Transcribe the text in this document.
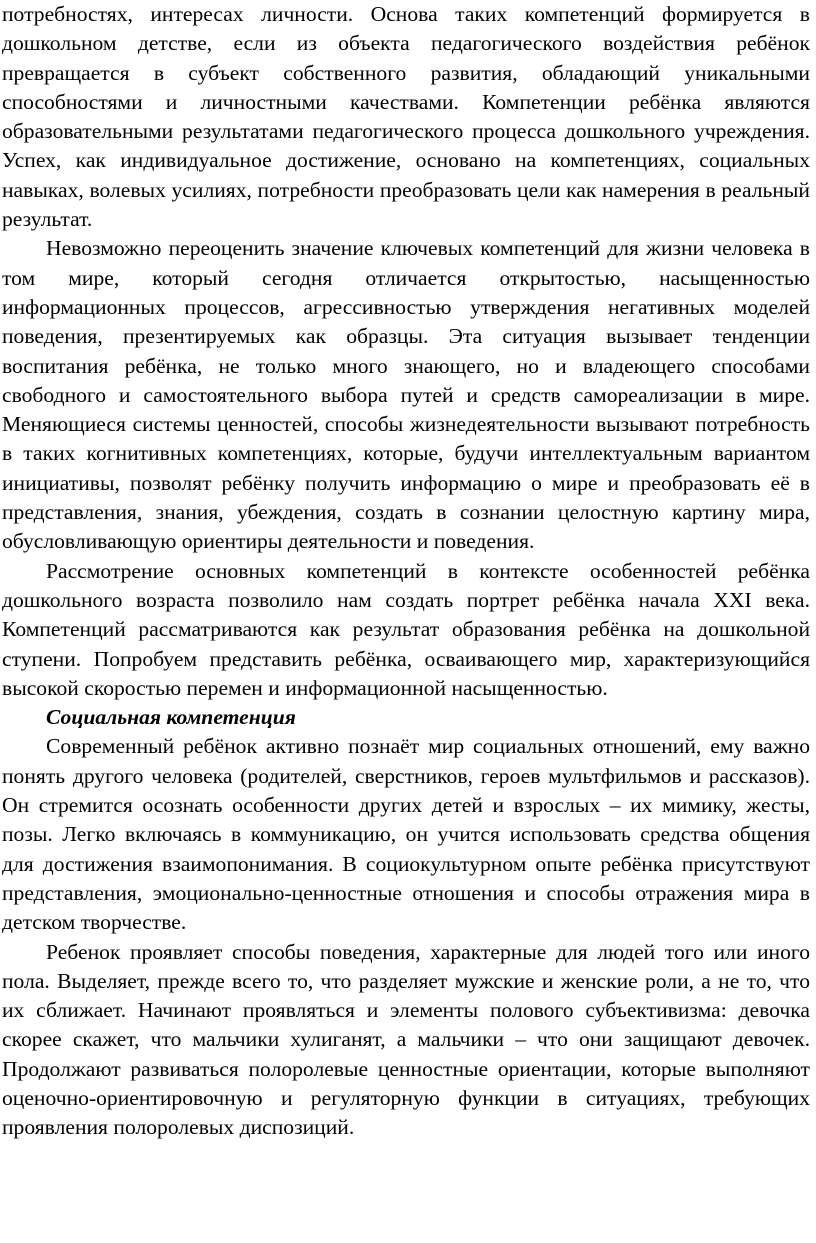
потребностях, интересах личности. Основа таких компетенций формируется в дошкольном детстве, если из объекта педагогического воздействия ребёнок превращается в субъект собственного развития, обладающий уникальными способностями и личностными качествами. Компетенции ребёнка являются образовательными результатами педагогического процесса дошкольного учреждения. Успех, как индивидуальное достижение, основано на компетенциях, социальных навыках, волевых усилиях, потребности преобразовать цели как намерения в реальный результат.

Невозможно переоценить значение ключевых компетенций для жизни человека в том мире, который сегодня отличается открытостью, насыщенностью информационных процессов, агрессивностью утверждения негативных моделей поведения, презентируемых как образцы. Эта ситуация вызывает тенденции воспитания ребёнка, не только много знающего, но и владеющего способами свободного и самостоятельного выбора путей и средств самореализации в мире. Меняющиеся системы ценностей, способы жизнедеятельности вызывают потребность в таких когнитивных компетенциях, которые, будучи интеллектуальным вариантом инициативы, позволят ребёнку получить информацию о мире и преобразовать её в представления, знания, убеждения, создать в сознании целостную картину мира, обусловливающую ориентиры деятельности и поведения.

Рассмотрение основных компетенций в контексте особенностей ребёнка дошкольного возраста позволило нам создать портрет ребёнка начала XXI века. Компетенций рассматриваются как результат образования ребёнка на дошкольной ступени. Попробуем представить ребёнка, осваивающего мир, характеризующийся высокой скоростью перемен и информационной насыщенностью.

Социальная компетенция

Современный ребёнок активно познаёт мир социальных отношений, ему важно понять другого человека (родителей, сверстников, героев мультфильмов и рассказов). Он стремится осознать особенности других детей и взрослых – их мимику, жесты, позы. Легко включаясь в коммуникацию, он учится использовать средства общения для достижения взаимопонимания. В социокультурном опыте ребёнка присутствуют представления, эмоционально-ценностные отношения и способы отражения мира в детском творчестве.

Ребенок проявляет способы поведения, характерные для людей того или иного пола. Выделяет, прежде всего то, что разделяет мужские и женские роли, а не то, что их сближает. Начинают проявляться и элементы полового субъективизма: девочка скорее скажет, что мальчики хулиганят, а мальчики – что они защищают девочек. Продолжают развиваться полоролевые ценностные ориентации, которые выполняют оценочно-ориентировочную и регуляторную функции в ситуациях, требующих проявления полоролевых диспозиций.
